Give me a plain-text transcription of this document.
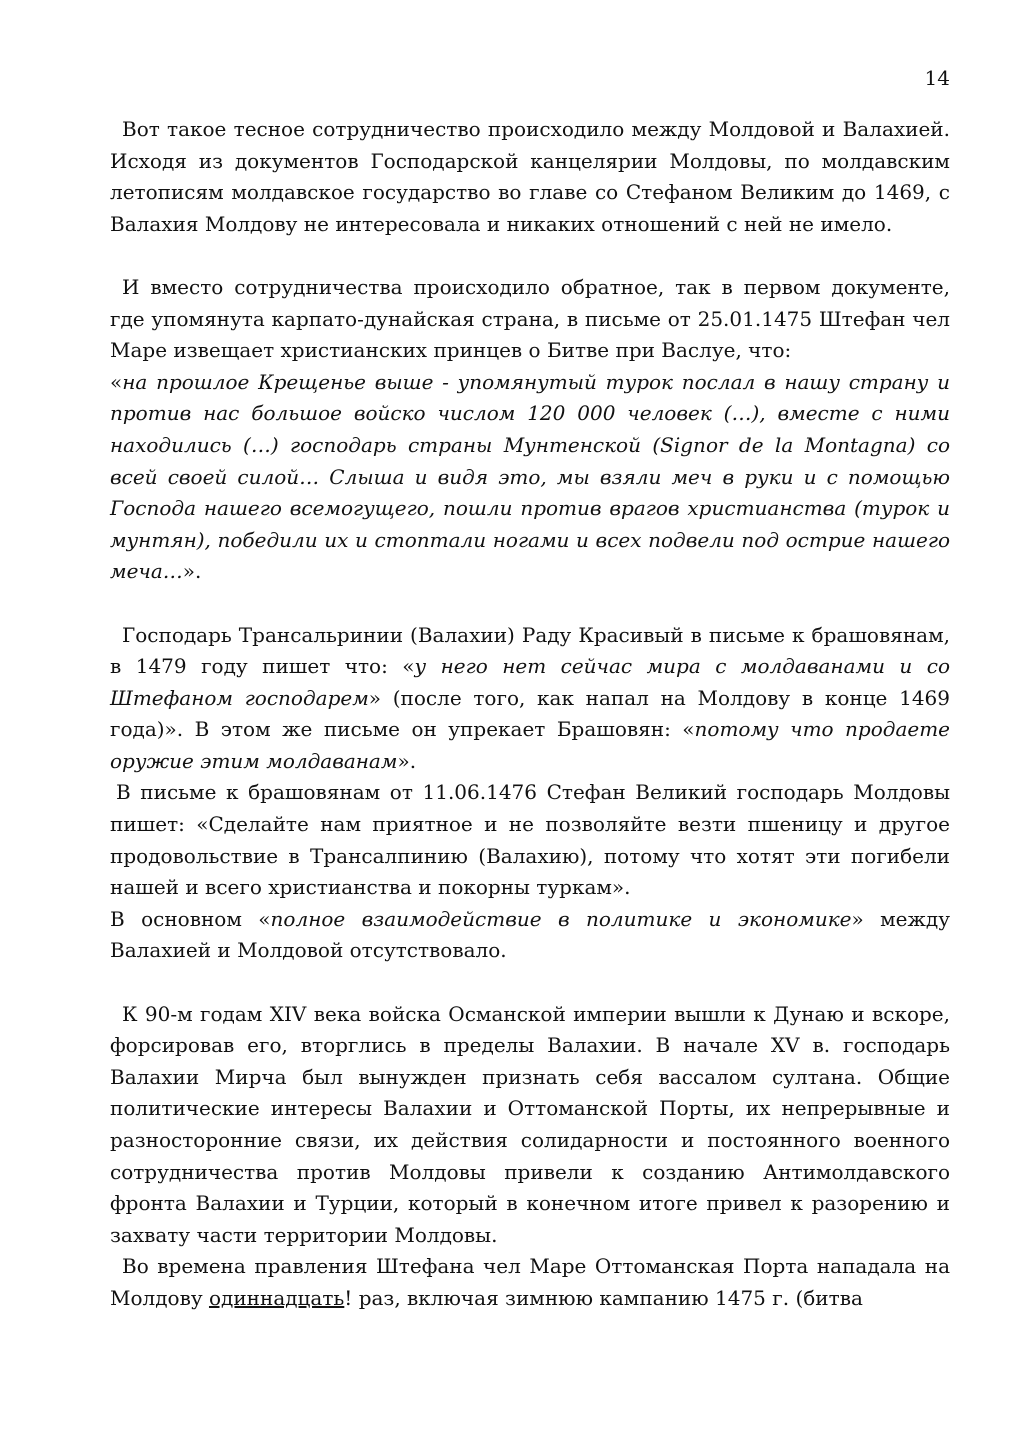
14

Вот такое тесное сотрудничество происходило между Молдовой и Валахией. Исходя из документов Господарской канцелярии Молдовы, по молдавским летописям молдавское государство во главе со Стефаном Великим до 1469, с Валахия Молдову не интересовала и никаких отношений с ней не имело.

И вместо сотрудничества происходило обратное, так в первом документе, где упомянута карпато-дунайская страна, в письме от 25.01.1475 Штефан чел Маре извещает христианских принцев о Битве при Васлуе, что:
«на прошлое Крещенье выше - упомянутый турок послал в нашу страну и против нас большое войско числом 120 000 человек (…), вместе с ними находились (…) господарь страны Мунтенской (Signor de la Montagna) со всей своей силой… Слыша и видя это, мы взяли меч в руки и с помощью Господа нашего всемогущего, пошли против врагов христианства (турок и мунтян), победили их и стоптали ногами и всех подвели под острие нашего меча…».

Господарь Трансальринии (Валахии) Раду Красивый в письме к брашовянам, в 1479 году пишет что: «у него нет сейчас мира с молдаванами и со Штефаном господарем» (после того, как напал на Молдову в конце 1469 года)». В этом же письме он упрекает Брашовян: «потому что продаете оружие этим молдаванам».

В письме к брашовянам от 11.06.1476 Стефан Великий господарь Молдовы пишет: «Сделайте нам приятное и не позволяйте везти пшеницу и другое продовольствие в Трансалпинию (Валахию), потому что хотят эти погибели нашей и всего христианства и покорны туркам».

В основном «полное взаимодействие в политике и экономике» между Валахией и Молдовой отсутствовало.

К 90-м годам XIV века войска Османской империи вышли к Дунаю и вскоре, форсировав его, вторглись в пределы Валахии. В начале XV в. господарь Валахии Мирча был вынужден признать себя вассалом султана. Общие политические интересы Валахии и Оттоманской Порты, их непрерывные и разносторонние связи, их действия солидарности и постоянного военного сотрудничества против Молдовы привели к созданию Антимолдавского фронта Валахии и Турции, который в конечном итоге привел к разорению и захвату части территории Молдовы.

Во времена правления Штефана чел Маре Оттоманская Порта нападала на Молдову одиннадцать! раз, включая зимнюю кампанию 1475 г. (битва
